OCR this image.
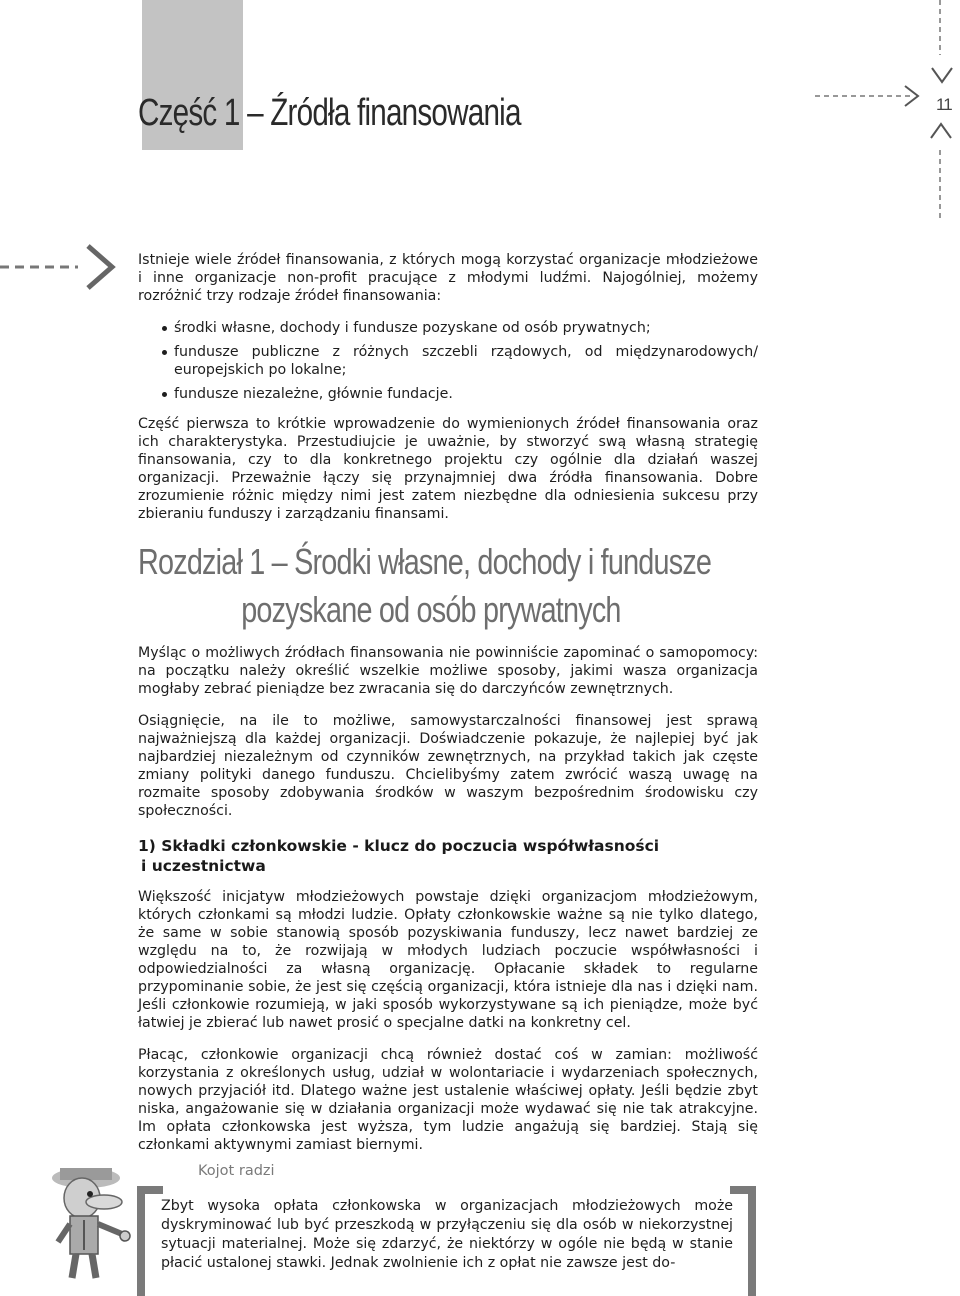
Część 1 – Źródła finansowania	11

Istnieje wiele źródeł finansowania, z których mogą korzystać organizacje młodzieżowe i inne organizacje non-profit pracujące z młodymi ludźmi. Najogólniej, możemy rozróżnić trzy rodzaje źródeł finansowania:

środki własne, dochody i fundusze pozyskane od osób prywatnych;
fundusze publiczne z różnych szczebli rządowych, od międzynarodowych/ europejskich po lokalne;
fundusze niezależne, głównie fundacje.

Część pierwsza to krótkie wprowadzenie do wymienionych źródeł finansowania oraz ich charakterystyka. Przestudiujcie je uważnie, by stworzyć swą własną strategię finansowania, czy to dla konkretnego projektu czy ogólnie dla działań waszej organizacji. Przeważnie łączy się przynajmniej dwa źródła finansowania. Dobre zrozumienie różnic między nimi jest zatem niezbędne dla odniesienia sukcesu przy zbieraniu funduszy i zarządzaniu finansami.

Rozdział 1 – Środki własne, dochody i fundusze
pozyskane od osób prywatnych

Myśląc o możliwych źródłach finansowania nie powinniście zapominać o samopomocy: na początku należy określić wszelkie możliwe sposoby, jakimi wasza organizacja mogłaby zebrać pieniądze bez zwracania się do darczyńców zewnętrznych.

Osiągnięcie, na ile to możliwe, samowystarczalności finansowej jest sprawą najważniejszą dla każdej organizacji. Doświadczenie pokazuje, że najlepiej być jak najbardziej niezależnym od czynników zewnętrznych, na przykład takich jak częste zmiany polityki danego funduszu. Chcielibyśmy zatem zwrócić waszą uwagę na rozmaite sposoby zdobywania środków w waszym bezpośrednim środowisku czy społeczności.

1) Składki członkowskie - klucz do poczucia współwłasności
i uczestnictwa

Większość inicjatyw młodzieżowych powstaje dzięki organizacjom młodzieżowym, których członkami są młodzi ludzie. Opłaty członkowskie ważne są nie tylko dlatego, że same w sobie stanowią sposób pozyskiwania funduszy, lecz nawet bardziej ze względu na to, że rozwijają w młodych ludziach poczucie współwłasności i odpowiedzialności za własną organizację. Opłacanie składek to regularne przypominanie sobie, że jest się częścią organizacji, która istnieje dla nas i dzięki nam. Jeśli członkowie rozumieją, w jaki sposób wykorzystywane są ich pieniądze, może być łatwiej je zbierać lub nawet prosić o specjalne datki na konkretny cel.

Płacąc, członkowie organizacji chcą również dostać coś w zamian: możliwość korzystania z określonych usług, udział w wolontariacie i wydarzeniach społecznych, nowych przyjaciół itd. Dlatego ważne jest ustalenie właściwej opłaty. Jeśli będzie zbyt niska, angażowanie się w działania organizacji może wydawać się nie tak atrakcyjne. Im opłata członkowska jest wyższa, tym ludzie angażują się bardziej. Stają się członkami aktywnymi zamiast biernymi.

Kojot radzi

Zbyt wysoka opłata członkowska w organizacjach młodzieżowych może dyskryminować lub być przeszkodą w przyłączeniu się dla osób w niekorzystnej sytuacji materialnej. Może się zdarzyć, że niektórzy w ogóle nie będą w stanie płacić ustalonej stawki. Jednak zwolnienie ich z opłat nie zawsze jest do-
